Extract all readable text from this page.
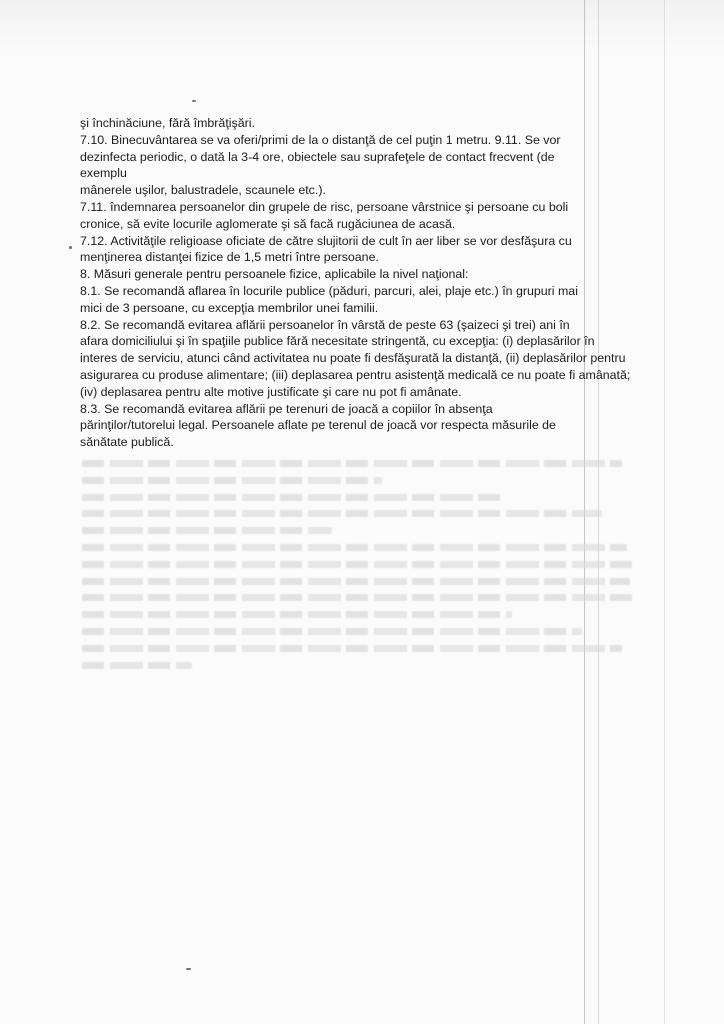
şi închinăciune, fără îmbrăţişări.

7.10. Binecuvântarea se va oferi/primi de la o distanţă de cel puţin 1 metru. 9.11. Se vor

dezinfecta periodic, o dată la 3-4 ore, obiectele sau suprafeţele de contact frecvent (de

exemplu

mânerele uşilor, balustradele, scaunele etc.).

7.11. îndemnarea persoanelor din grupele de risc, persoane vârstnice şi persoane cu boli

cronice, să evite locurile aglomerate şi să facă rugăciunea de acasă.

7.12. Activităţile religioase oficiate de către slujitorii de cult în aer liber se vor desfăşura cu

menţinerea distanţei fizice de 1,5 metri între persoane.

8. Măsuri generale pentru persoanele fizice, aplicabile la nivel naţional:

8.1. Se recomandă aflarea în locurile publice (păduri, parcuri, alei, plaje etc.) în grupuri mai

mici de 3 persoane, cu excepţia membrilor unei familii.

8.2. Se recomandă evitarea aflării persoanelor în vârstă de peste 63 (şaizeci şi trei) ani în

afara domiciliului şi în spaţiile publice fără necesitate stringentă, cu excepţia: (i) deplasărilor în

interes de serviciu, atunci când activitatea nu poate fi desfăşurată la distanţă, (ii) deplasărilor pentru

asigurarea cu produse alimentare; (iii) deplasarea pentru asistenţă medicală ce nu poate fi amânată;

(iv) deplasarea pentru alte motive justificate şi care nu pot fi amânate.

8.3. Se recomandă evitarea aflării pe terenuri de joacă a copiilor în absenţa

părinţilor/tutorelui legal. Persoanele aflate pe terenul de joacă vor respecta măsurile de

sănătate publică.
